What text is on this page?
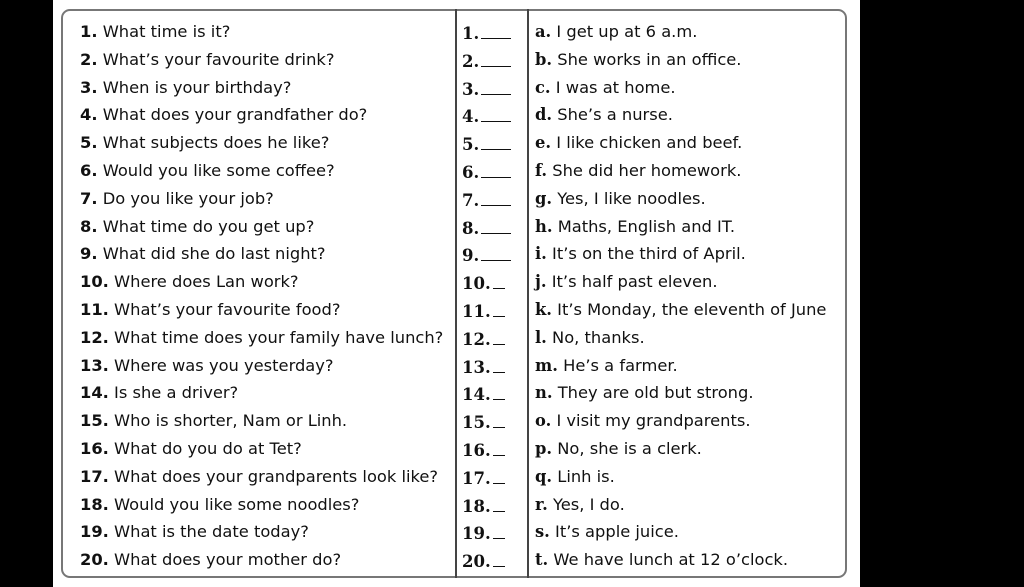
1. What time is it?
2. What’s your favourite drink?
3. When is your birthday?
4. What does your grandfather do?
5. What subjects does he like?
6. Would you like some coffee?
7. Do you like your job?
8. What time do you get up?
9. What did she do last night?
10. Where does Lan work?
11. What’s your favourite food?
12. What time does your family have lunch?
13. Where was you yesterday?
14. Is she a driver?
15. Who is shorter, Nam or Linh.
16. What do you do at Tet?
17. What does your grandparents look like?
18. Would you like some noodles?
19. What is the date today?
20. What does your mother do?
1.
2.
3.
4.
5.
6.
7.
8.
9.
10.
11.
12.
13.
14.
15.
16.
17.
18.
19.
20.
a. I get up at 6 a.m.
b. She works in an office.
c. I was at home.
d. She’s a nurse.
e. I like chicken and beef.
f. She did her homework.
g. Yes, I like noodles.
h. Maths, English and IT.
i. It’s on the third of April.
j. It’s half past eleven.
k. It’s Monday, the eleventh of June
l. No, thanks.
m. He’s a farmer.
n. They are old but strong.
o. I visit my grandparents.
p. No, she is a clerk.
q. Linh is.
r. Yes, I do.
s. It’s apple juice.
t. We have lunch at 12 o’clock.
